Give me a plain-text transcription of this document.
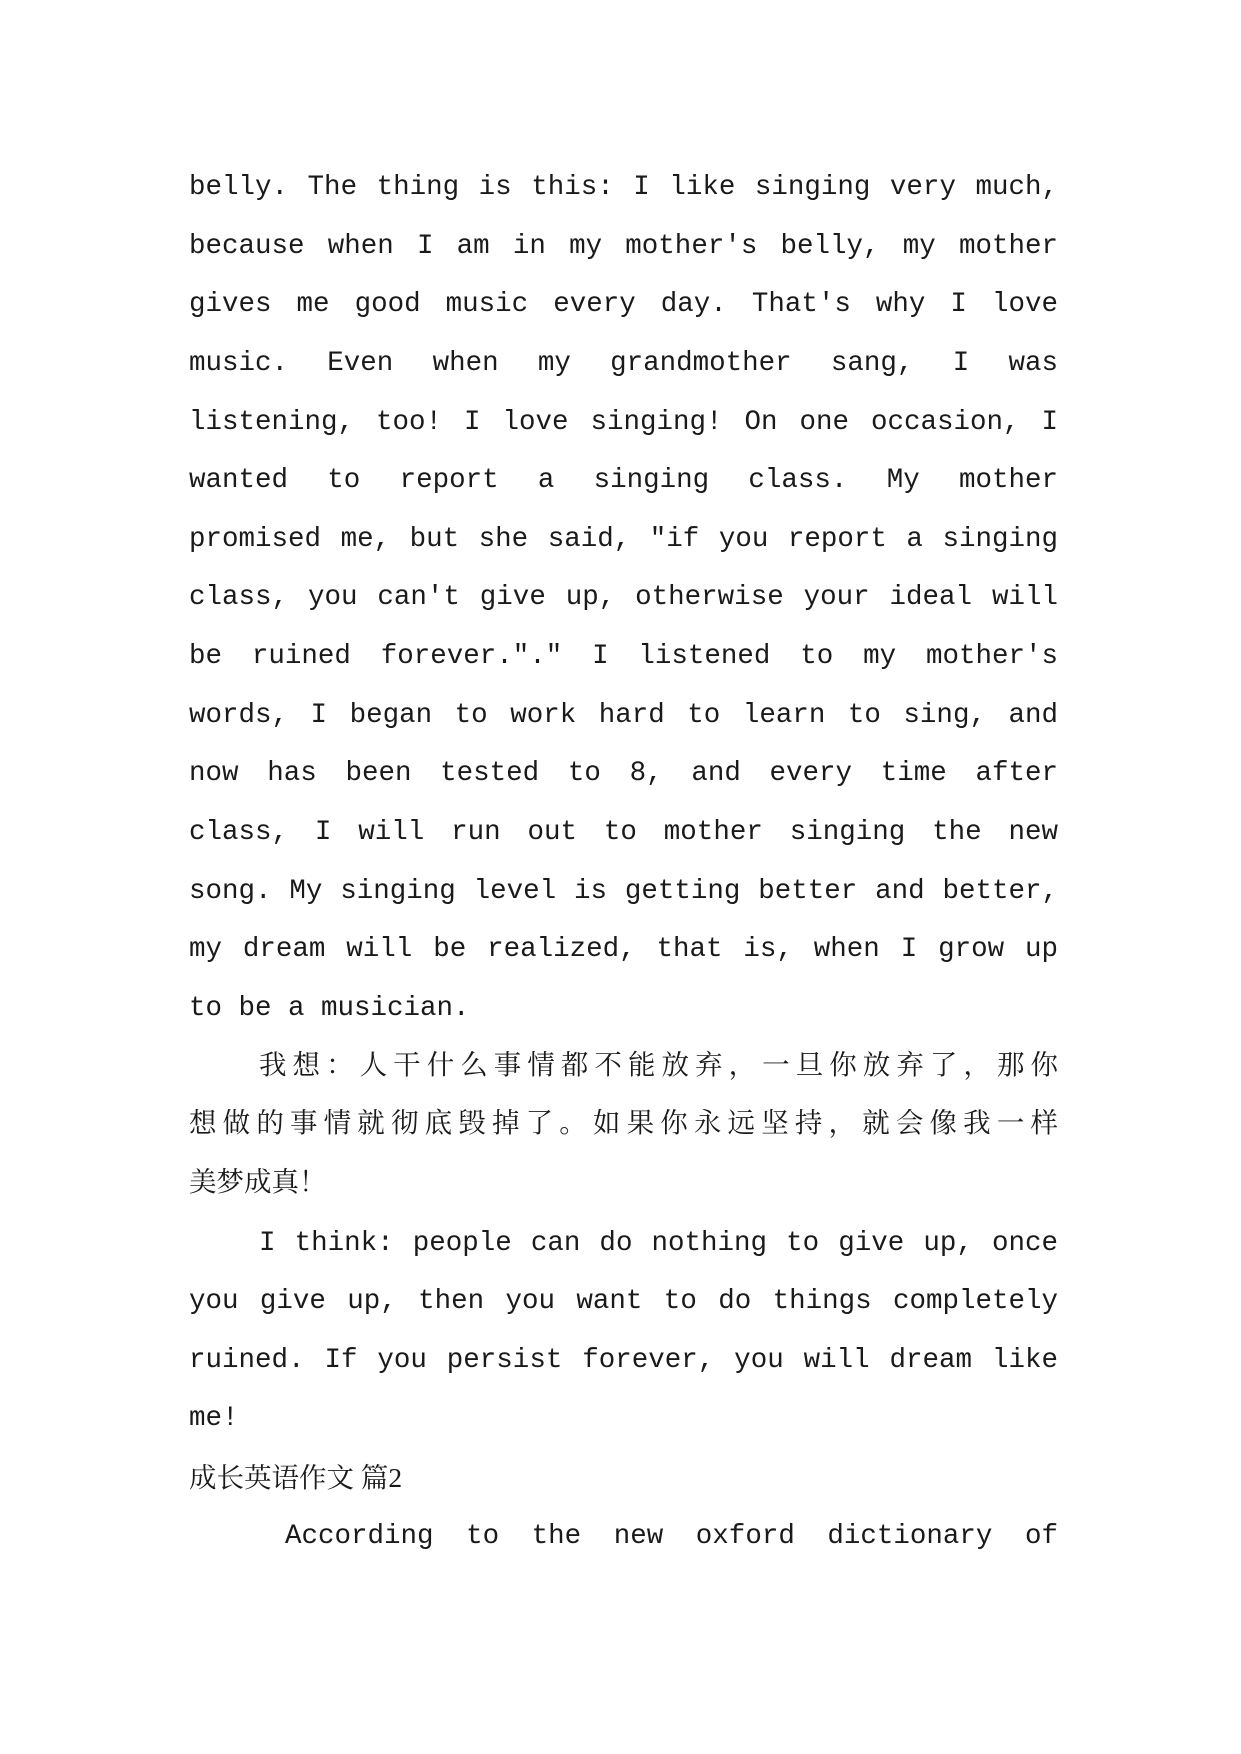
belly. The thing is this: I like singing very much,
because when I am in my mother's belly, my mother
gives me good music every day. That's why I love
music. Even when my grandmother sang, I was
listening, too! I love singing! On one occasion, I
wanted to report a singing class. My mother
promised me, but she said, "if you report a singing
class, you can't give up, otherwise your ideal will
be ruined forever."." I listened to my mother's
words, I began to work hard to learn to sing, and
now has been tested to 8, and every time after
class, I will run out to mother singing the new
song. My singing level is getting better and better,
my dream will be realized, that is, when I grow up
to be a musician.
我想：人干什么事情都不能放弃，一旦你放弃了，那你
想做的事情就彻底毁掉了。如果你永远坚持，就会像我一样
美梦成真！
I think: people can do nothing to give up, once
you give up, then you want to do things completely
ruined. If you persist forever, you will dream like
me!
成长英语作文 篇2
According to the new oxford dictionary of
